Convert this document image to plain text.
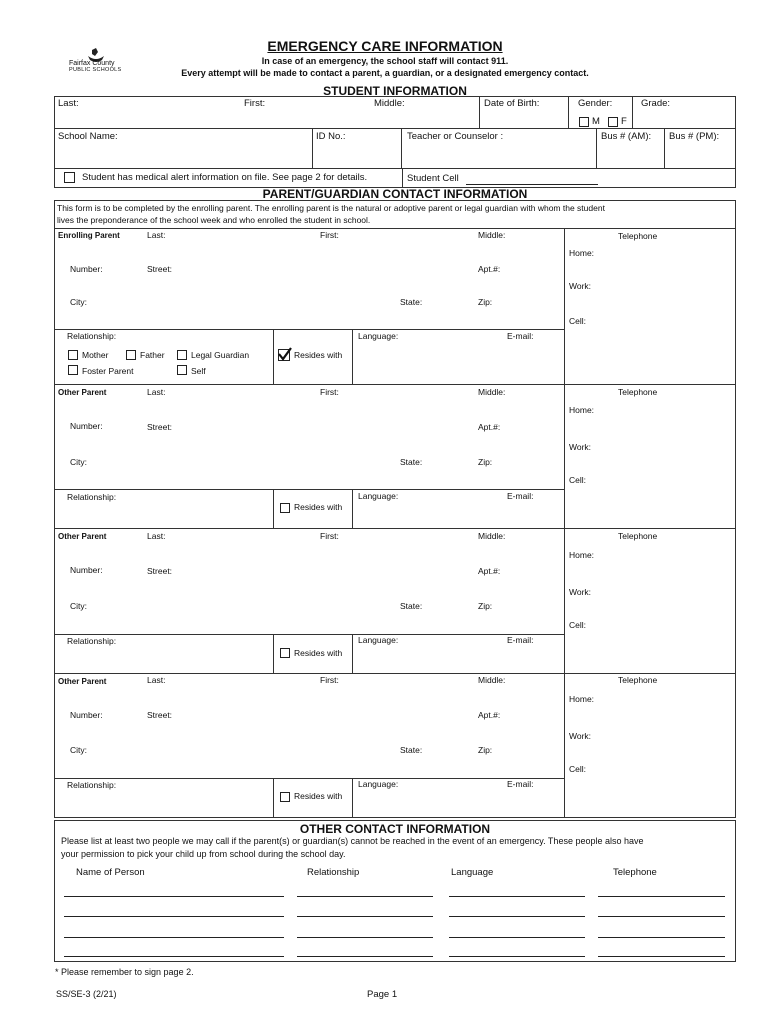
Fairfax County
PUBLIC SCHOOLS
EMERGENCY CARE INFORMATION
In case of an emergency, the school staff will contact 911.
Every attempt will be made to contact a parent, a guardian, or a designated emergency contact.
STUDENT INFORMATION
Last:	First:	Middle:	Date of Birth:	Gender:	Grade:
M F
School Name:	ID No.:	Teacher or Counselor :	Bus # (AM): Bus # (PM):
Student has medical alert information on file. See page 2 for details.	Student Cell
PARENT/GUARDIAN CONTACT INFORMATION
This form is to be completed by the enrolling parent. The enrolling parent is the natural or adoptive parent or legal guardian with whom the student
lives the preponderance of the school week and who enrolled the student in school.
Enrolling Parent	Last:	First:	Middle:	Telephone
Home:
Number:	Street:	Apt.#:
Work:
City:	State:	Zip:
Cell:
Relationship:	Language:	E-mail:
Mother	Father	Legal Guardian
Foster Parent	Self
Resides with
Other Parent	Last:	First:	Middle:	Telephone
Home:
Number:	Street:	Apt.#:
Work:
City:	State:	Zip:
Cell:
Relationship:	Language:	E-mail:
Resides with
Other Parent	Last:	First:	Middle:	Telephone
Home:
Number:	Street:	Apt.#:
Work:
City:	State:	Zip:
Cell:
Relationship:	Language:	E-mail:
Resides with
Other Parent	Last:	First:	Middle:	Telephone
Home:
Number:	Street:	Apt.#:
Work:
City:	State:	Zip:
Cell:
Relationship:	Language:	E-mail:
Resides with
OTHER CONTACT INFORMATION
Please list at least two people we may call if the parent(s) or guardian(s) cannot be reached in the event of an emergency. These people also have
your permission to pick your child up from school during the school day.
Name of Person	Relationship	Language	Telephone
* Please remember to sign page 2.
SS/SE-3 (2/21)	Page 1
